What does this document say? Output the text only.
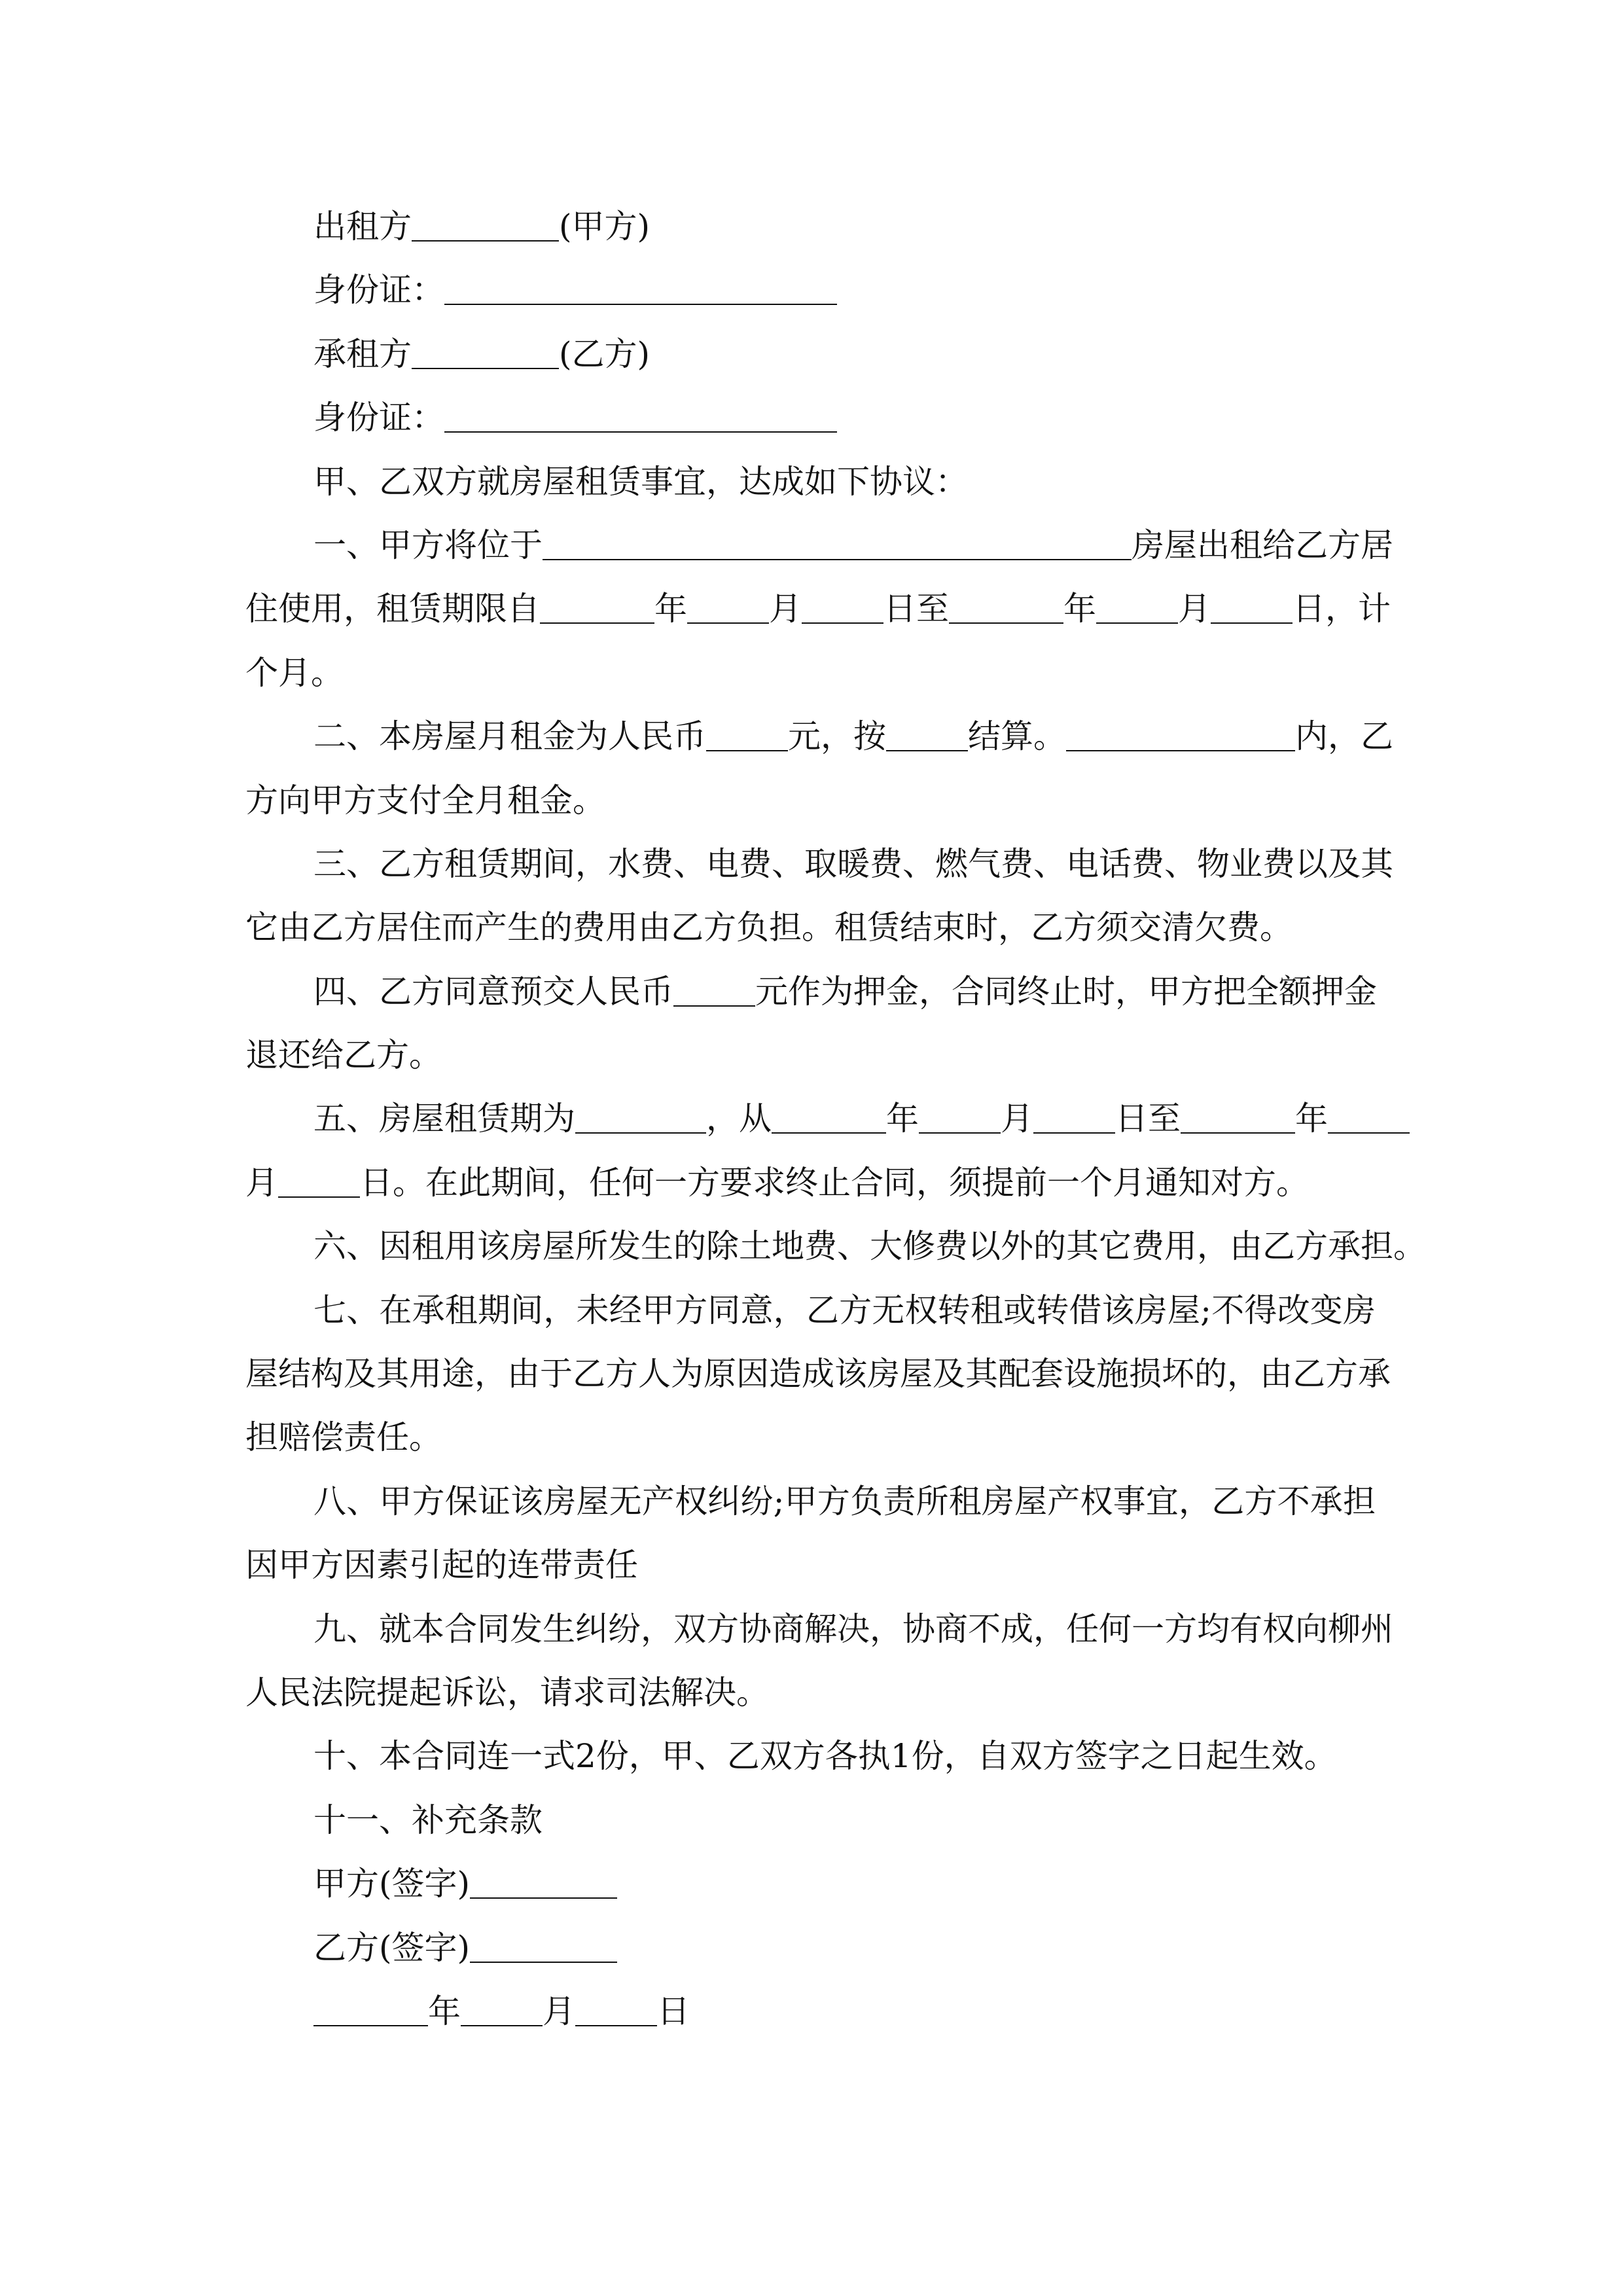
出租方	(甲方)
身份证：
承租方	(乙方)
身份证：
甲、乙双方就房屋租赁事宜，达成如下协议：
一、甲方将位于	房屋出租给乙方居
住使用，租赁期限自	年	月	日至	年	月	日，计
个月。
二、本房屋月租金为人民币	元，按	结算。	内，乙
方向甲方支付全月租金。
三、乙方租赁期间，水费、电费、取暖费、燃气费、电话费、物业费以及其
它由乙方居住而产生的费用由乙方负担。租赁结束时，乙方须交清欠费。
四、乙方同意预交人民币	元作为押金，合同终止时，甲方把全额押金
退还给乙方。
五、房屋租赁期为	，从	年	月	日至	年
月	日。在此期间，任何一方要求终止合同，须提前一个月通知对方。
六、因租用该房屋所发生的除土地费、大修费以外的其它费用，由乙方承担。
七、在承租期间，未经甲方同意，乙方无权转租或转借该房屋;不得改变房
屋结构及其用途，由于乙方人为原因造成该房屋及其配套设施损坏的，由乙方承
担赔偿责任。
八、甲方保证该房屋无产权纠纷;甲方负责所租房屋产权事宜，乙方不承担
因甲方因素引起的连带责任
九、就本合同发生纠纷，双方协商解决，协商不成，任何一方均有权向柳州
人民法院提起诉讼，请求司法解决。
十、本合同连一式2份，甲、乙双方各执1份，自双方签字之日起生效。
十一、补充条款
甲方(签字)
乙方(签字)
年	月	日
